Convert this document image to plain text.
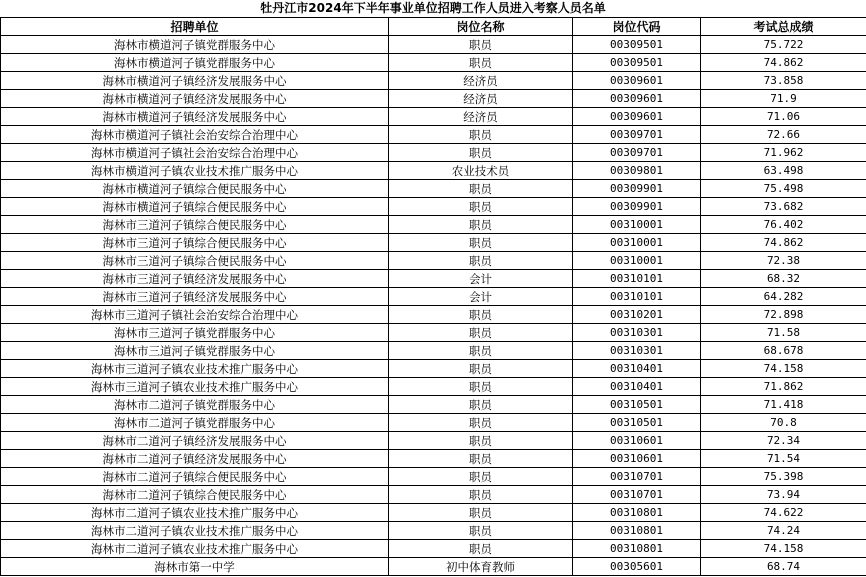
牡丹江市2024年下半年事业单位招聘工作人员进入考察人员名单
招聘单位	岗位名称	岗位代码	考试总成绩
海林市横道河子镇党群服务中心	职员	00309501	75.722
海林市横道河子镇党群服务中心	职员	00309501	74.862
海林市横道河子镇经济发展服务中心	经济员	00309601	73.858
海林市横道河子镇经济发展服务中心	经济员	00309601	71.9
海林市横道河子镇经济发展服务中心	经济员	00309601	71.06
海林市横道河子镇社会治安综合治理中心	职员	00309701	72.66
海林市横道河子镇社会治安综合治理中心	职员	00309701	71.962
海林市横道河子镇农业技术推广服务中心	农业技术员	00309801	63.498
海林市横道河子镇综合便民服务中心	职员	00309901	75.498
海林市横道河子镇综合便民服务中心	职员	00309901	73.682
海林市三道河子镇综合便民服务中心	职员	00310001	76.402
海林市三道河子镇综合便民服务中心	职员	00310001	74.862
海林市三道河子镇综合便民服务中心	职员	00310001	72.38
海林市三道河子镇经济发展服务中心	会计	00310101	68.32
海林市三道河子镇经济发展服务中心	会计	00310101	64.282
海林市三道河子镇社会治安综合治理中心	职员	00310201	72.898
海林市三道河子镇党群服务中心	职员	00310301	71.58
海林市三道河子镇党群服务中心	职员	00310301	68.678
海林市三道河子镇农业技术推广服务中心	职员	00310401	74.158
海林市三道河子镇农业技术推广服务中心	职员	00310401	71.862
海林市二道河子镇党群服务中心	职员	00310501	71.418
海林市二道河子镇党群服务中心	职员	00310501	70.8
海林市二道河子镇经济发展服务中心	职员	00310601	72.34
海林市二道河子镇经济发展服务中心	职员	00310601	71.54
海林市二道河子镇综合便民服务中心	职员	00310701	75.398
海林市二道河子镇综合便民服务中心	职员	00310701	73.94
海林市二道河子镇农业技术推广服务中心	职员	00310801	74.622
海林市二道河子镇农业技术推广服务中心	职员	00310801	74.24
海林市二道河子镇农业技术推广服务中心	职员	00310801	74.158
海林市第一中学	初中体育教师	00305601	68.74
